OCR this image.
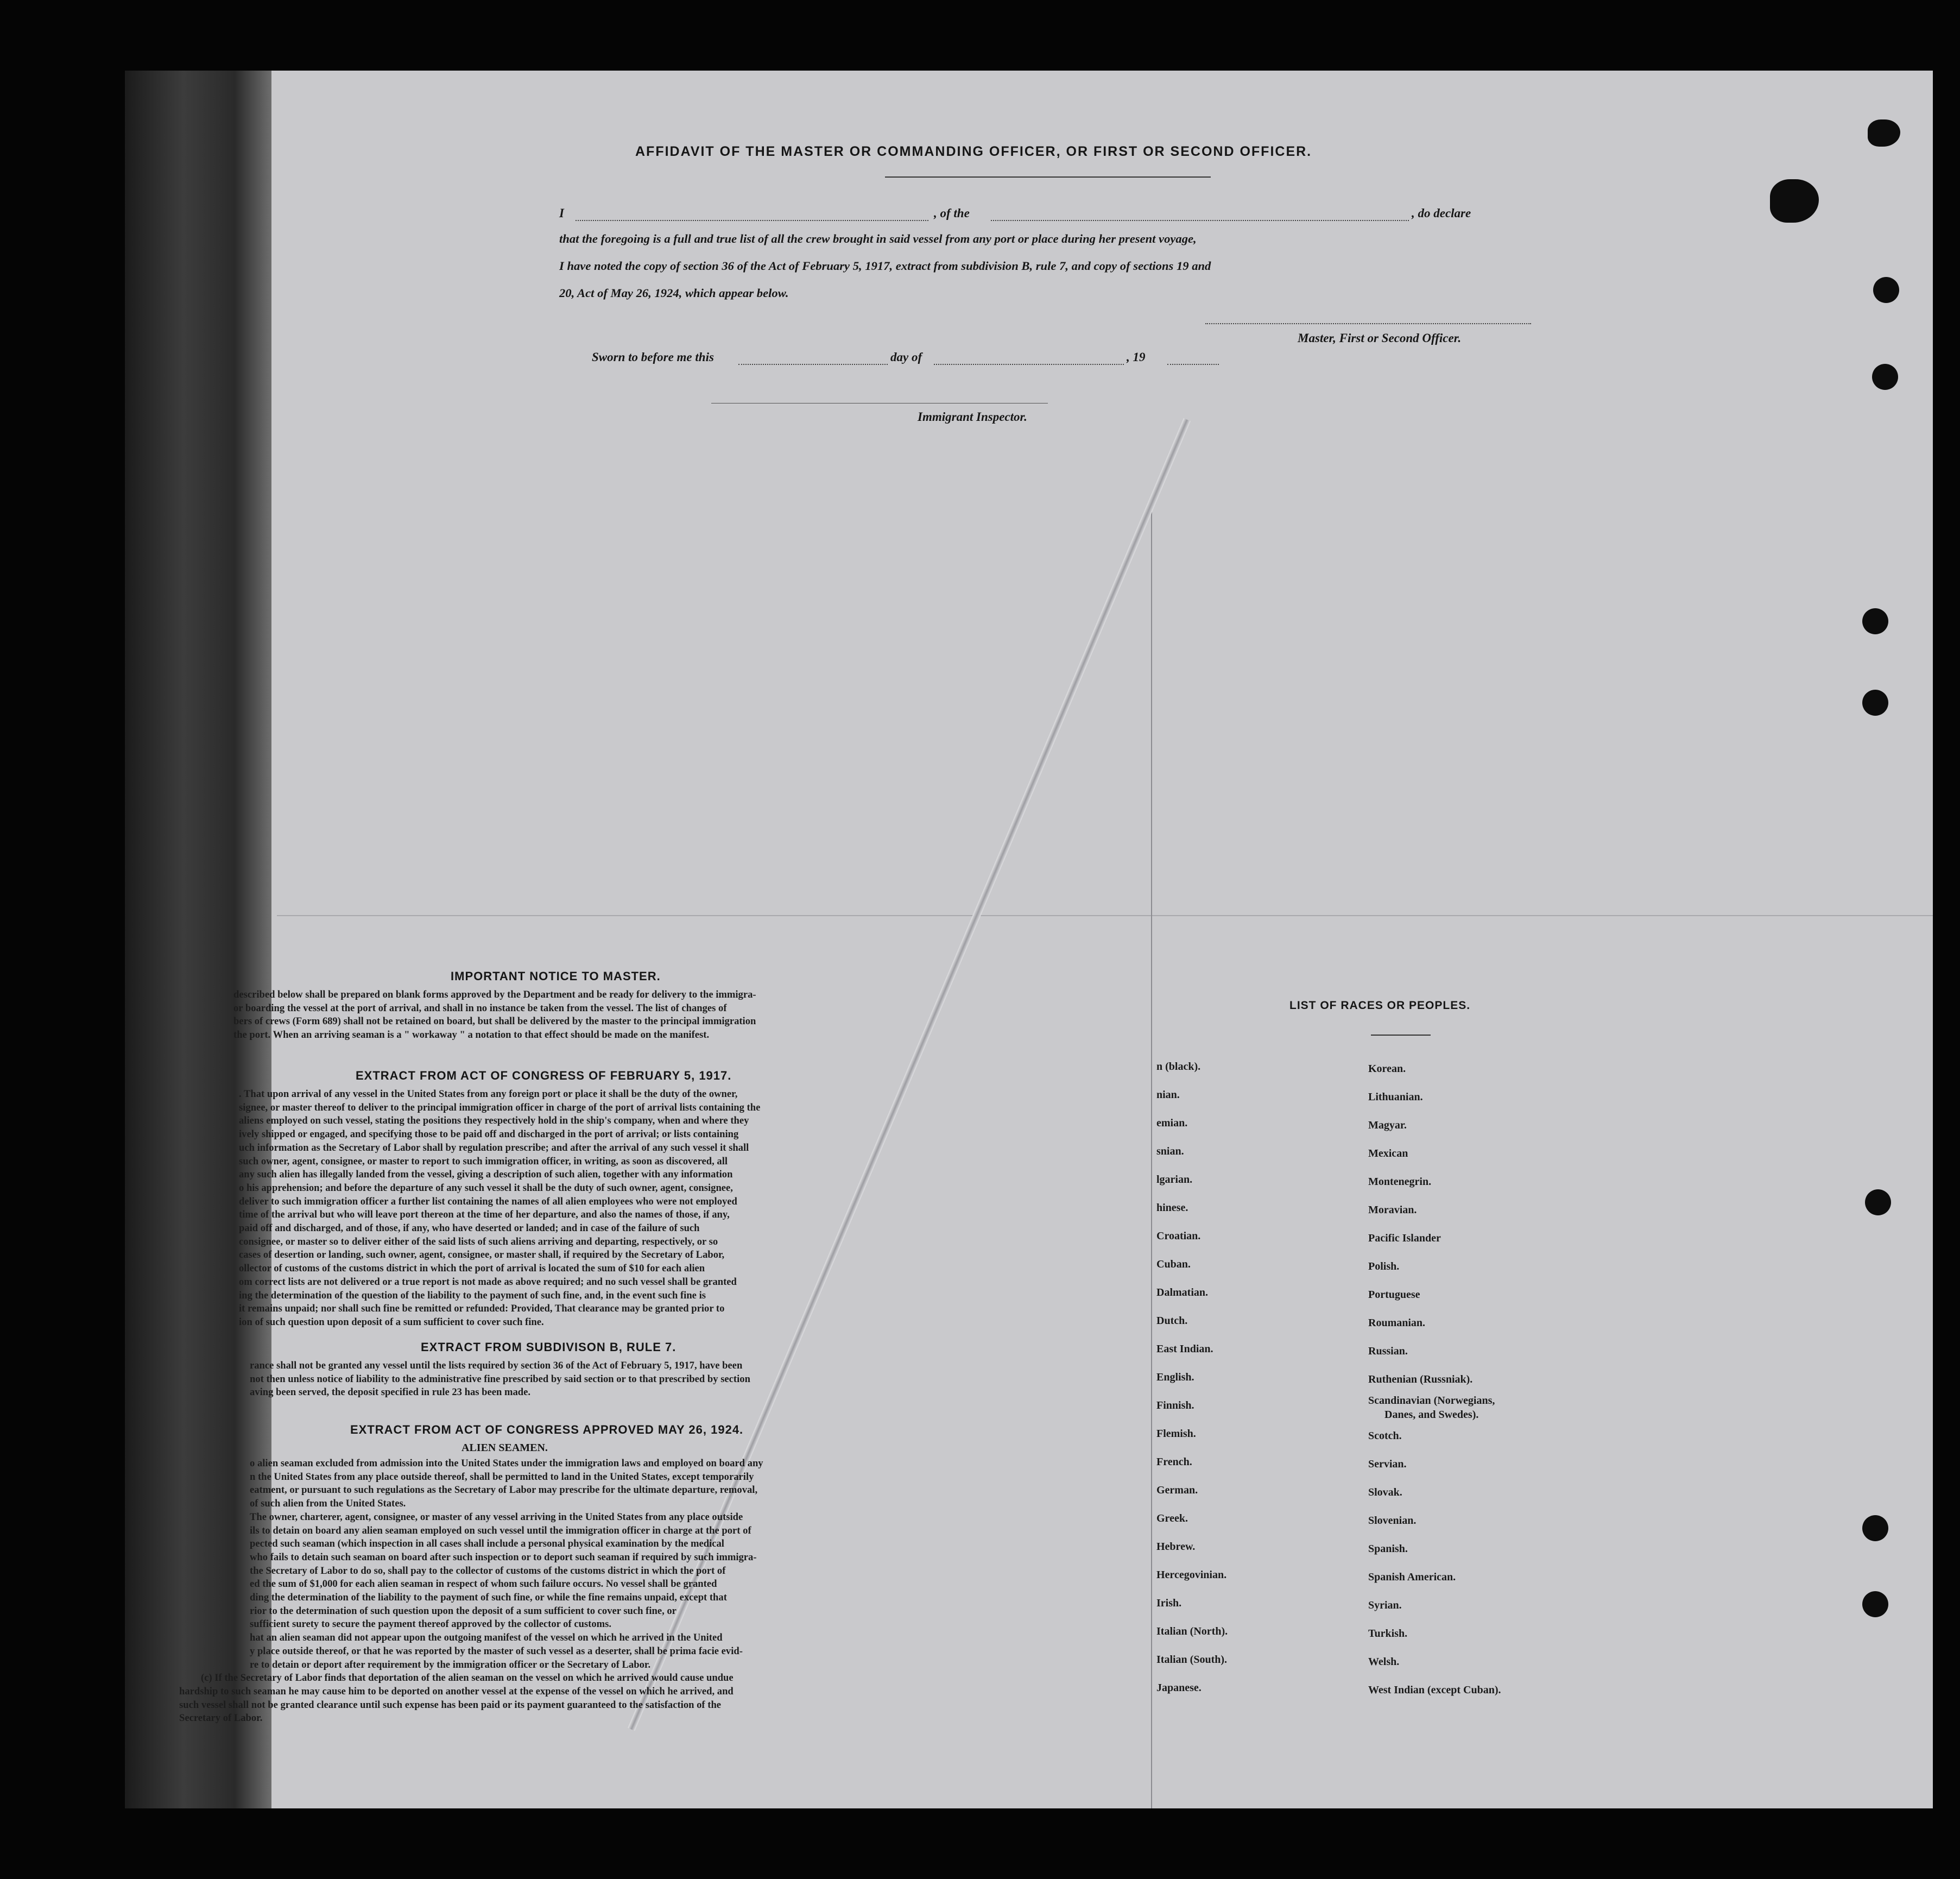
AFFIDAVIT OF THE MASTER OR COMMANDING OFFICER, OR FIRST OR SECOND OFFICER.
I	, of the	, do declare
that the foregoing is a full and true list of all the crew brought in said vessel from any port or place during her present voyage,
I have noted the copy of section 36 of the Act of February 5, 1917, extract from subdivision B, rule 7, and copy of sections 19 and
20, Act of May 26, 1924, which appear below.
Master, First or Second Officer.
Sworn to before me this	day of	, 19
Immigrant Inspector.
IMPORTANT NOTICE TO MASTER.
described below shall be prepared on blank forms approved by the Department and be ready for delivery to the immigra-
or boarding the vessel at the port of arrival, and shall in no instance be taken from the vessel. The list of changes of
bers of crews (Form 689) shall not be retained on board, but shall be delivered by the master to the principal immigration
the port. When an arriving seaman is a " workaway " a notation to that effect should be made on the manifest.
EXTRACT FROM ACT OF CONGRESS OF FEBRUARY 5, 1917.
. That upon arrival of any vessel in the United States from any foreign port or place it shall be the duty of the owner,
signee, or master thereof to deliver to the principal immigration officer in charge of the port of arrival lists containing the
aliens employed on such vessel, stating the positions they respectively hold in the ship's company, when and where they
ively shipped or engaged, and specifying those to be paid off and discharged in the port of arrival; or lists containing
uch information as the Secretary of Labor shall by regulation prescribe; and after the arrival of any such vessel it shall
such owner, agent, consignee, or master to report to such immigration officer, in writing, as soon as discovered, all
any such alien has illegally landed from the vessel, giving a description of such alien, together with any information
o his apprehension; and before the departure of any such vessel it shall be the duty of such owner, agent, consignee,
deliver to such immigration officer a further list containing the names of all alien employees who were not employed
time of the arrival but who will leave port thereon at the time of her departure, and also the names of those, if any,
paid off and discharged, and of those, if any, who have deserted or landed; and in case of the failure of such
consignee, or master so to deliver either of the said lists of such aliens arriving and departing, respectively, or so
cases of desertion or landing, such owner, agent, consignee, or master shall, if required by the Secretary of Labor,
ollector of customs of the customs district in which the port of arrival is located the sum of $10 for each alien
om correct lists are not delivered or a true report is not made as above required; and no such vessel shall be granted
ing the determination of the question of the liability to the payment of such fine, and, in the event such fine is
it remains unpaid; nor shall such fine be remitted or refunded: Provided, That clearance may be granted prior to
ion of such question upon deposit of a sum sufficient to cover such fine.
EXTRACT FROM SUBDIVISON B, RULE 7.
rance shall not be granted any vessel until the lists required by section 36 of the Act of February 5, 1917, have been
not then unless notice of liability to the administrative fine prescribed by said section or to that prescribed by section
aving been served, the deposit specified in rule 23 has been made.
EXTRACT FROM ACT OF CONGRESS APPROVED MAY 26, 1924.
ALIEN SEAMEN.
o alien seaman excluded from admission into the United States under the immigration laws and employed on board any
n the United States from any place outside thereof, shall be permitted to land in the United States, except temporarily
eatment, or pursuant to such regulations as the Secretary of Labor may prescribe for the ultimate departure, removal,
of such alien from the United States.
The owner, charterer, agent, consignee, or master of any vessel arriving in the United States from any place outside
ils to detain on board any alien seaman employed on such vessel until the immigration officer in charge at the port of
pected such seaman (which inspection in all cases shall include a personal physical examination by the medical
who fails to detain such seaman on board after such inspection or to deport such seaman if required by such immigra-
the Secretary of Labor to do so, shall pay to the collector of customs of the customs district in which the port of
ed the sum of $1,000 for each alien seaman in respect of whom such failure occurs. No vessel shall be granted
ding the determination of the liability to the payment of such fine, or while the fine remains unpaid, except that
rior to the determination of such question upon the deposit of a sum sufficient to cover such fine, or
sufficient surety to secure the payment thereof approved by the collector of customs.
hat an alien seaman did not appear upon the outgoing manifest of the vessel on which he arrived in the United
y place outside thereof, or that he was reported by the master of such vessel as a deserter, shall be prima facie evid-
re to detain or deport after requirement by the immigration officer or the Secretary of Labor.
(c) If the Secretary of Labor finds that deportation of the alien seaman on the vessel on which he arrived would cause undue
hardship to such seaman he may cause him to be deported on another vessel at the expense of the vessel on which he arrived, and
such vessel shall not be granted clearance until such expense has been paid or its payment guaranteed to the satisfaction of the
Secretary of Labor.
LIST OF RACES OR PEOPLES.
n (black).
nian.
emian.
snian.
lgarian.
hinese.
Croatian.
Cuban.
Dalmatian.
Dutch.
East Indian.
English.
Finnish.
Flemish.
French.
German.
Greek.
Hebrew.
Hercegovinian.
Irish.
Italian (North).
Italian (South).
Japanese.
Korean.
Lithuanian.
Magyar.
Mexican
Montenegrin.
Moravian.
Pacific Islander
Polish.
Portuguese
Roumanian.
Russian.
Ruthenian (Russniak).
Scandinavian (Norwegians,
Danes, and Swedes).
Scotch.
Servian.
Slovak.
Slovenian.
Spanish.
Spanish American.
Syrian.
Turkish.
Welsh.
West Indian (except Cuban).
